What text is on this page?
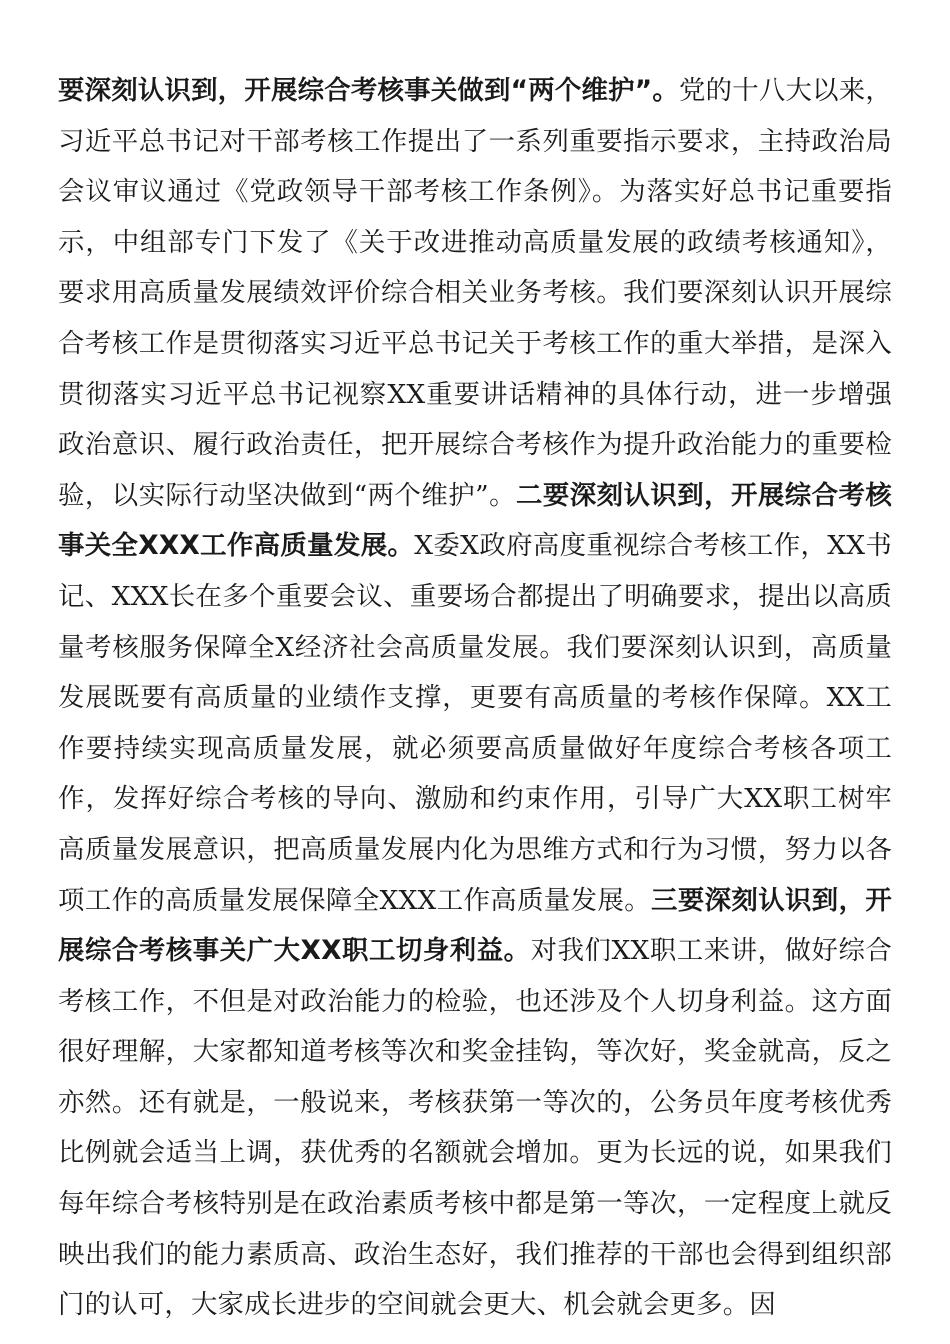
要深刻认识到，开展综合考核事关做到“两个维护”。党的十八大以来，习近平总书记对干部考核工作提出了一系列重要指示要求，主持政治局会议审议通过《党政领导干部考核工作条例》。为落实好总书记重要指示，中组部专门下发了《关于改进推动高质量发展的政绩考核通知》，要求用高质量发展绩效评价综合相关业务考核。我们要深刻认识开展综合考核工作是贯彻落实习近平总书记关于考核工作的重大举措，是深入贯彻落实习近平总书记视察XX重要讲话精神的具体行动，进一步增强政治意识、履行政治责任，把开展综合考核作为提升政治能力的重要检验，以实际行动坚决做到“两个维护”。二要深刻认识到，开展综合考核事关全XXX工作高质量发展。X委X政府高度重视综合考核工作，XX书记、XXX长在多个重要会议、重要场合都提出了明确要求，提出以高质量考核服务保障全X经济社会高质量发展。我们要深刻认识到，高质量发展既要有高质量的业绩作支撑，更要有高质量的考核作保障。XX工作要持续实现高质量发展，就必须要高质量做好年度综合考核各项工作，发挥好综合考核的导向、激励和约束作用，引导广大XX职工树牢高质量发展意识，把高质量发展内化为思维方式和行为习惯，努力以各项工作的高质量发展保障全XXX工作高质量发展。三要深刻认识到，开展综合考核事关广大XX职工切身利益。对我们XX职工来讲，做好综合考核工作，不但是对政治能力的检验，也还涉及个人切身利益。这方面很好理解，大家都知道考核等次和奖金挂钩，等次好，奖金就高，反之亦然。还有就是，一般说来，考核获第一等次的，公务员年度考核优秀比例就会适当上调，获优秀的名额就会增加。更为长远的说，如果我们每年综合考核特别是在政治素质考核中都是第一等次，一定程度上就反映出我们的能力素质高、政治生态好，我们推荐的干部也会得到组织部门的认可，大家成长进步的空间就会更大、机会就会更多。因
